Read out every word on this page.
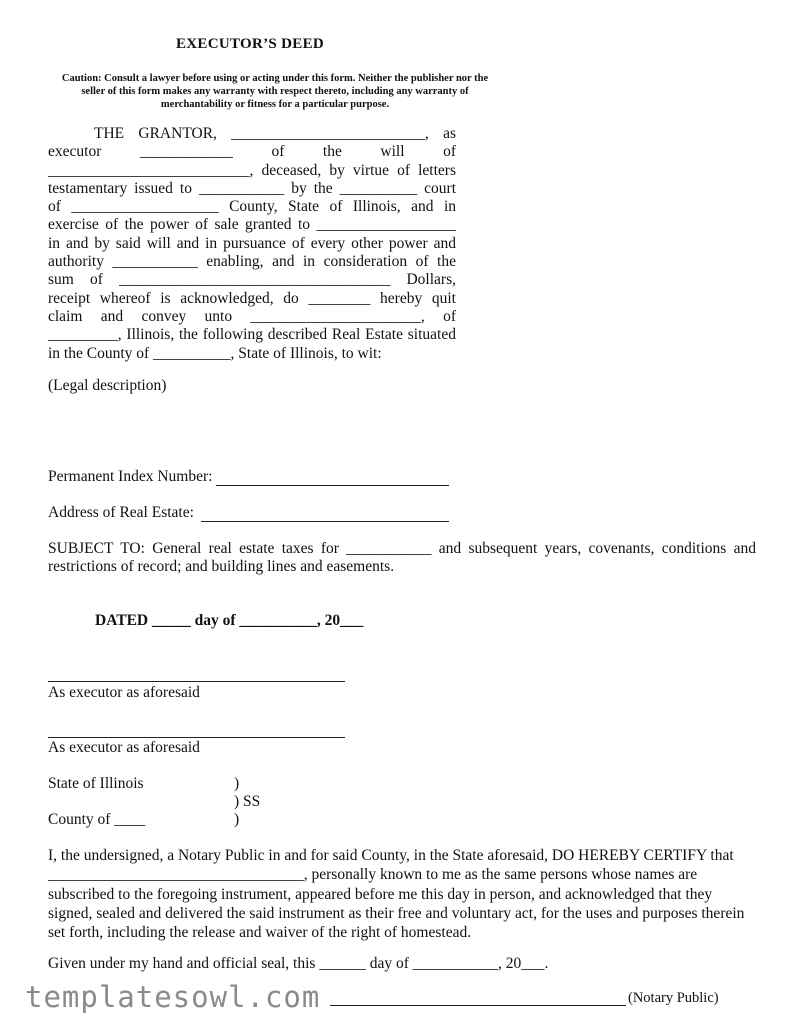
EXECUTOR’S DEED
Caution: Consult a lawyer before using or acting under this form. Neither the publisher nor the seller of this form makes any warranty with respect thereto, including any warranty of merchantability or fitness for a particular purpose.
THE GRANTOR, _________________________, as
executor ____________ of the will of
__________________________, deceased, by virtue of letters
testamentary issued to ___________ by the __________ court
of ___________________ County, State of Illinois, and in
exercise of the power of sale granted to __________________
in and by said will and in pursuance of every other power and
authority ___________ enabling, and in consideration of the
sum of ___________________________________ Dollars,
receipt whereof is acknowledged, do ________ hereby quit
claim and convey unto ______________________, of
_________, Illinois, the following described Real Estate situated
in the County of __________, State of Illinois, to wit:
(Legal description)
Permanent Index Number:
Address of Real Estate:
SUBJECT TO: General real estate taxes for ___________ and subsequent years, covenants, conditions and
restrictions of record; and building lines and easements.
DATED _____ day of __________, 20___
As executor as aforesaid
As executor as aforesaid
State of Illinois	)
) SS
County of ____	)
I, the undersigned, a Notary Public in and for said County, in the State aforesaid, DO HEREBY CERTIFY that
_________________________________, personally known to me as the same persons whose names are
subscribed to the foregoing instrument, appeared before me this day in person, and acknowledged that they
signed, sealed and delivered the said instrument as their free and voluntary act, for the uses and purposes therein
set forth, including the release and waiver of the right of homestead.
Given under my hand and official seal, this ______ day of ___________, 20___.
templatesowl.com	(Notary Public)
